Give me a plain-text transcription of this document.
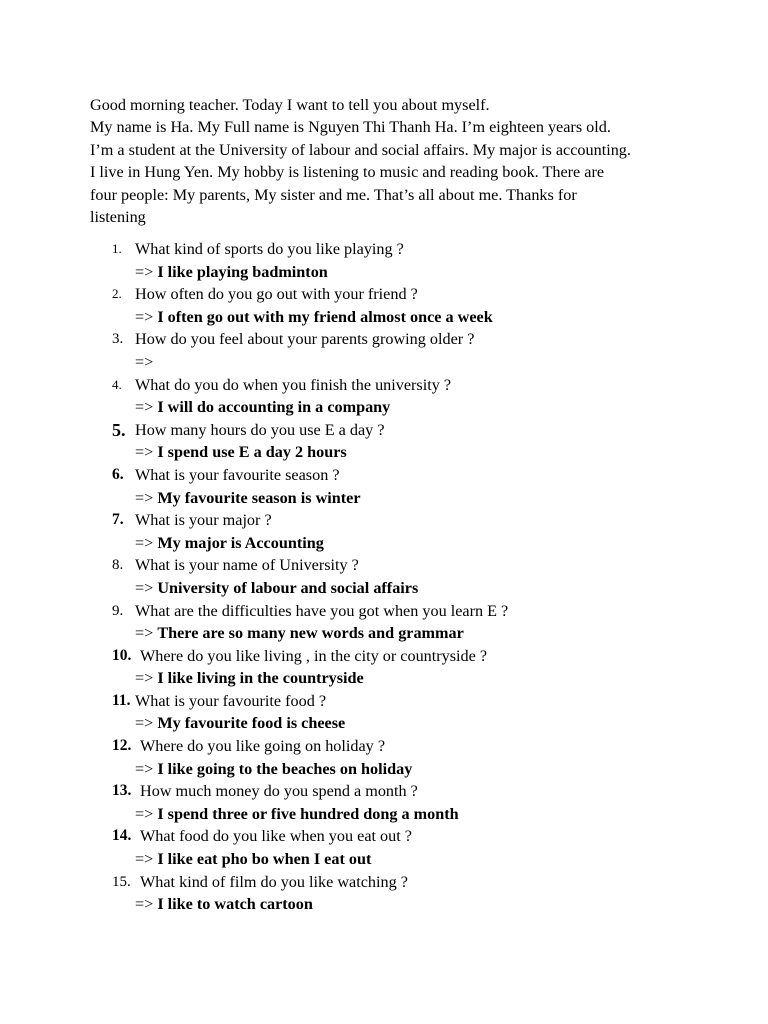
Good morning teacher. Today I want to tell you about myself.
My name is Ha. My Full name is Nguyen Thi Thanh Ha. I’m eighteen years old.
I’m a student at the University of labour and social affairs. My major is accounting.
I live in Hung Yen. My hobby is listening to music and reading book. There are
four people: My parents, My sister and me. That’s all about me. Thanks for
listening
1. What kind of sports do you like playing ?
=> I like playing badminton
2. How often do you go out with your friend ?
=> I often go out with my friend almost once a week
3. How do you feel about your parents growing older ?
=>
4. What do you do when you finish the university ?
=> I will do accounting in a company
5. How many hours do you use E a day ?
=> I spend use E a day 2 hours
6. What is your favourite season ?
=> My favourite season is winter
7. What is your major ?
=> My major is Accounting
8. What is your name of University ?
=> University of labour and social affairs
9. What are the difficulties have you got when you learn E ?
=> There are so many new words and grammar
10. Where do you like living , in the city or countryside ?
=> I like living in the countryside
11. What is your favourite food ?
=> My favourite food is cheese
12. Where do you like going on holiday ?
=> I like going to the beaches on holiday
13. How much money do you spend a month ?
=> I spend three or five hundred dong a month
14. What food do you like when you eat out ?
=> I like eat pho bo when I eat out
15. What kind of film do you like watching ?
=> I like to watch cartoon
